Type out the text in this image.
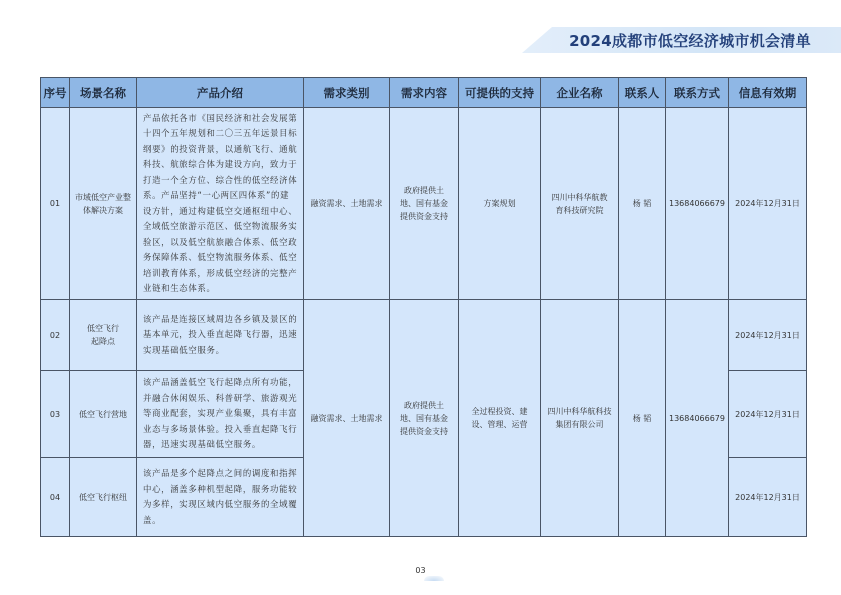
2024成都市低空经济城市机会清单
序号	场景名称	产品介绍	需求类别	需求内容	可提供的支持	企业名称	联系人	联系方式	信息有效期
01	市域低空产业整体解决方案	产品依托各市《国民经济和社会发展第十四个五年规划和二〇三五年远景目标纲要》的投资背景，以通航飞行、通航科技、航旅综合体为建设方向，致力于打造一个全方位、综合性的低空经济体系。产品坚持“一心两区四体系”的建设方针，通过构建低空交通枢纽中心、全域低空旅游示范区、低空物流服务实验区，以及低空航旅融合体系、低空政务保障体系、低空物流服务体系、低空培训教育体系，形成低空经济的完整产业链和生态体系。	融资需求、土地需求	政府提供土地、国有基金提供资金支持	方案规划	四川中科华航教育科技研究院	杨 韬	13684066679	2024年12月31日
02	低空飞行起降点	该产品是连接区域周边各乡镇及景区的基本单元，投入垂直起降飞行器，迅速实现基础低空服务。	融资需求、土地需求	政府提供土地、国有基金提供资金支持	全过程投资、建设、管理、运营	四川中科华航科技集团有限公司	杨 韬	13684066679	2024年12月31日
03	低空飞行营地	该产品涵盖低空飞行起降点所有功能，并融合休闲娱乐、科普研学、旅游观光等商业配套，实现产业集聚，具有丰富业态与多场景体验。投入垂直起降飞行器，迅速实现基础低空服务。							2024年12月31日
04	低空飞行枢纽	该产品是多个起降点之间的调度和指挥中心，涵盖多种机型起降，服务功能较为多样，实现区域内低空服务的全域覆盖。							2024年12月31日
03
